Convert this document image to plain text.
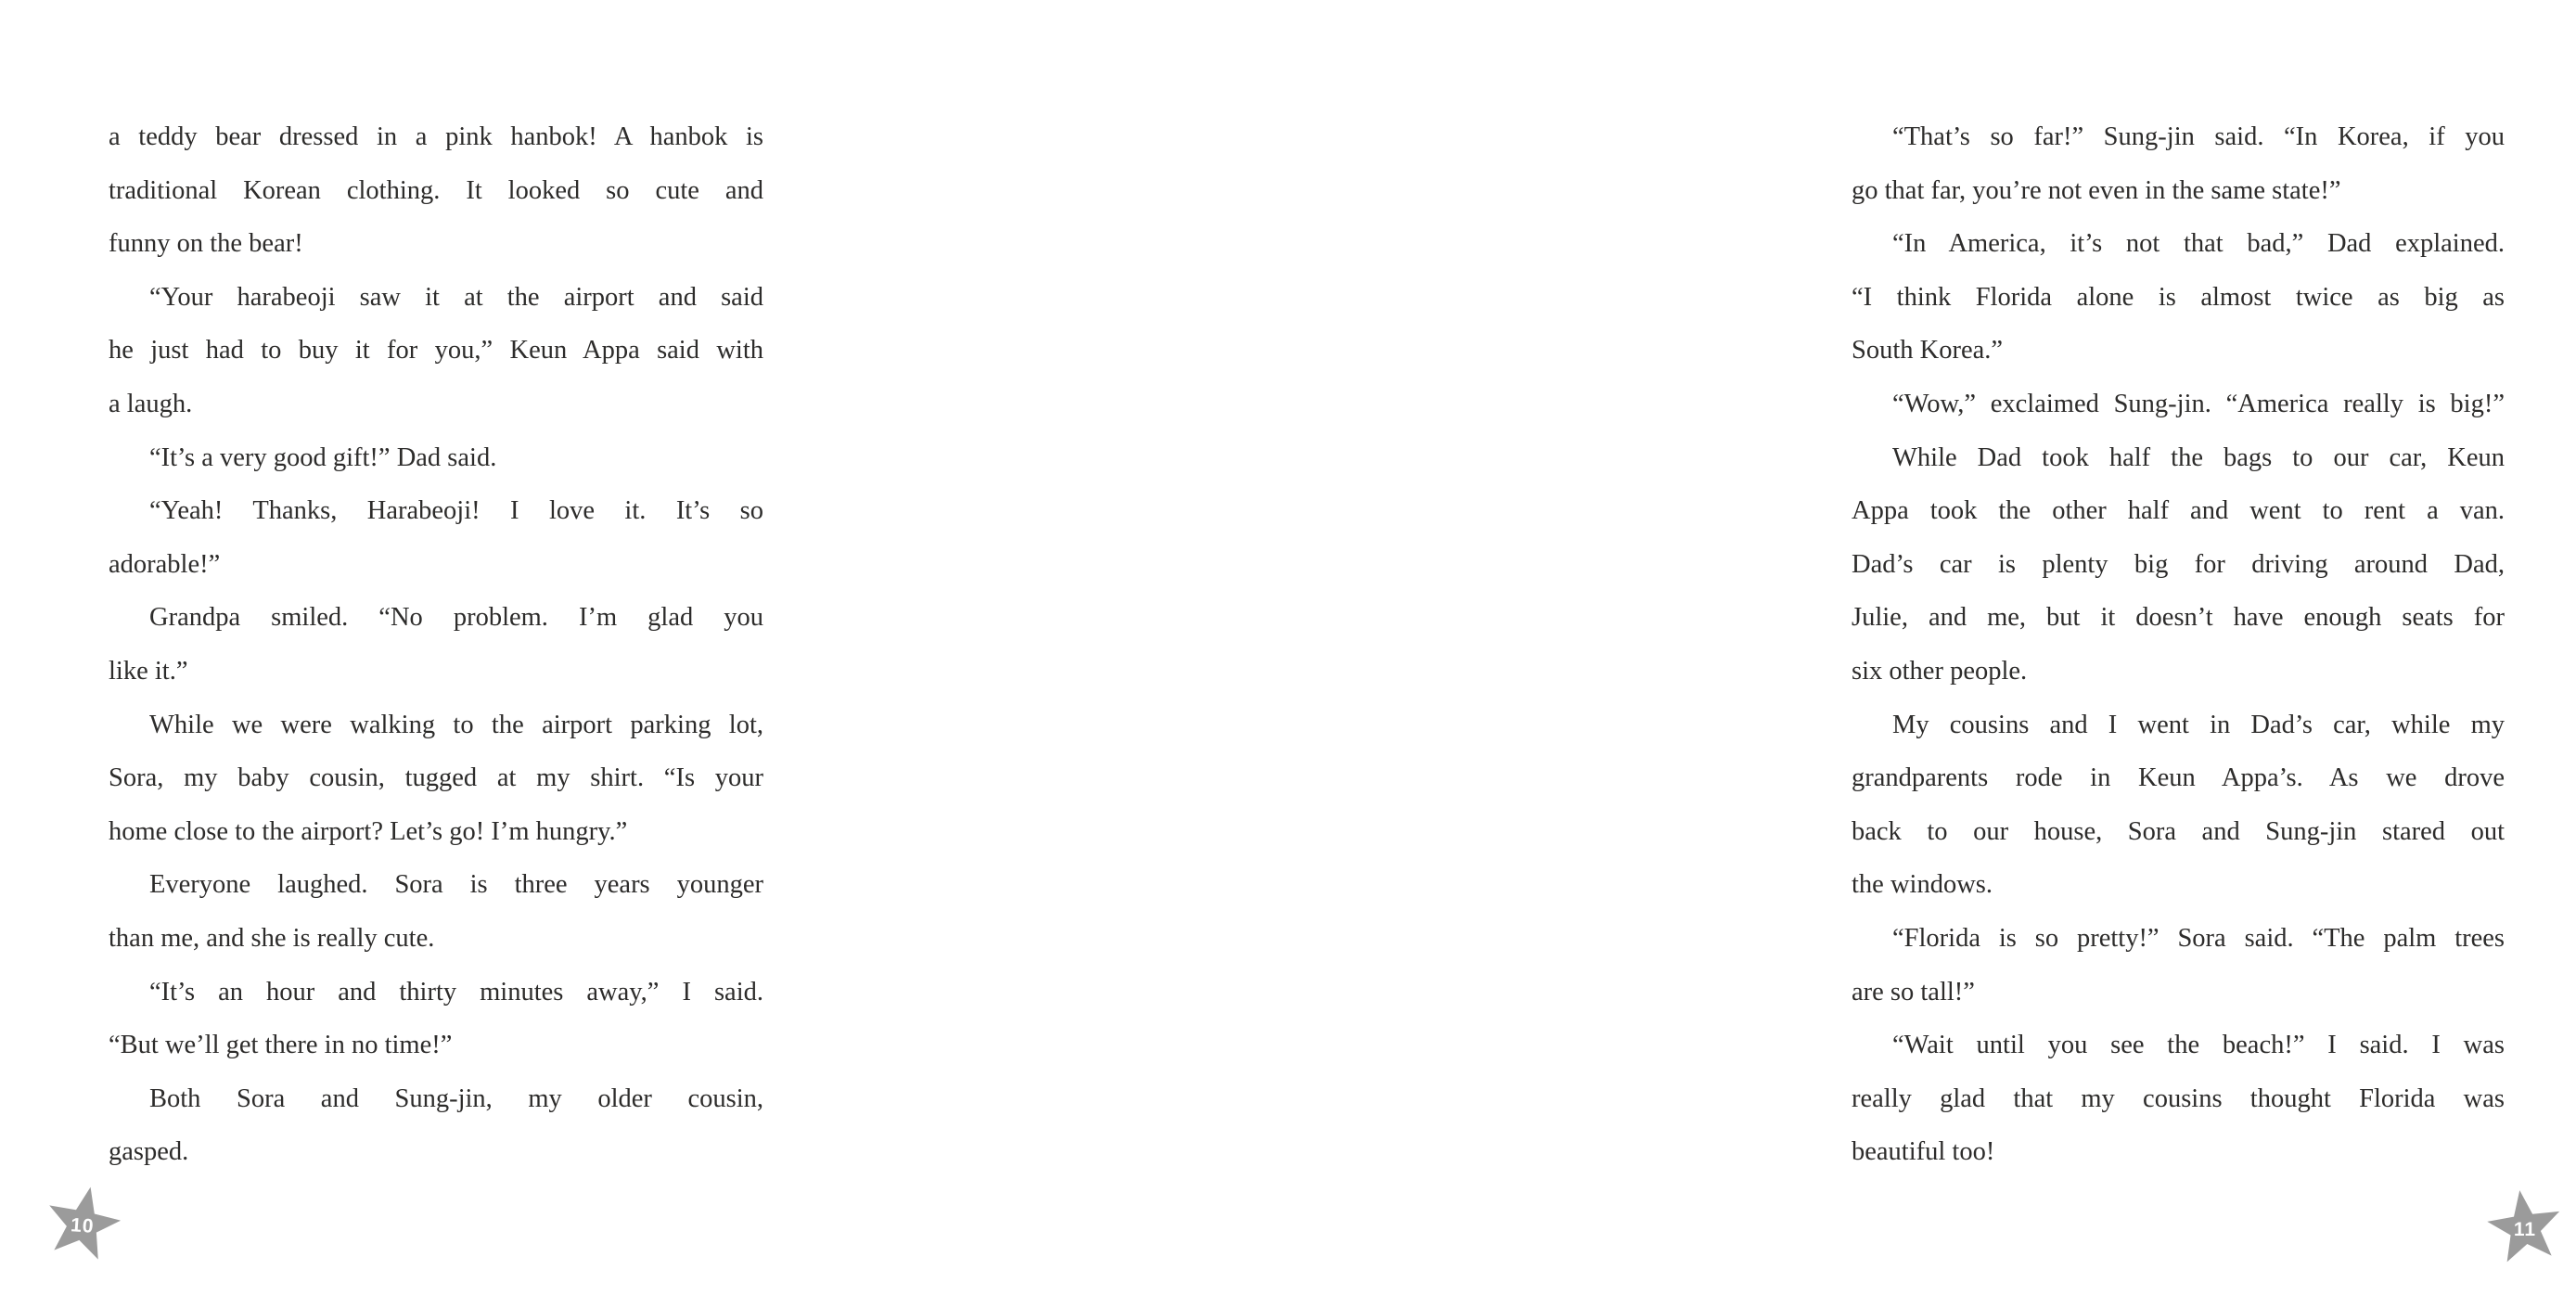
a teddy bear dressed in a pink hanbok! A hanbok is
traditional Korean clothing. It looked so cute and
funny on the bear!
“Your harabeoji saw it at the airport and said
he just had to buy it for you,” Keun Appa said with
a laugh.
“It’s a very good gift!” Dad said.
“Yeah! Thanks, Harabeoji! I love it. It’s so
adorable!”
Grandpa smiled. “No problem. I’m glad you
like it.”
While we were walking to the airport parking lot,
Sora, my baby cousin, tugged at my shirt. “Is your
home close to the airport? Let’s go! I’m hungry.”
Everyone laughed. Sora is three years younger
than me, and she is really cute.
“It’s an hour and thirty minutes away,” I said.
“But we’ll get there in no time!”
Both Sora and Sung-jin, my older cousin,
gasped.
10
“That’s so far!” Sung-jin said. “In Korea, if you
go that far, you’re not even in the same state!”
“In America, it’s not that bad,” Dad explained.
“I think Florida alone is almost twice as big as
South Korea.”
“Wow,” exclaimed Sung-jin. “America really is big!”
While Dad took half the bags to our car, Keun
Appa took the other half and went to rent a van.
Dad’s car is plenty big for driving around Dad,
Julie, and me, but it doesn’t have enough seats for
six other people.
My cousins and I went in Dad’s car, while my
grandparents rode in Keun Appa’s. As we drove
back to our house, Sora and Sung-jin stared out
the windows.
“Florida is so pretty!” Sora said. “The palm trees
are so tall!”
“Wait until you see the beach!” I said. I was
really glad that my cousins thought Florida was
beautiful too!
11
